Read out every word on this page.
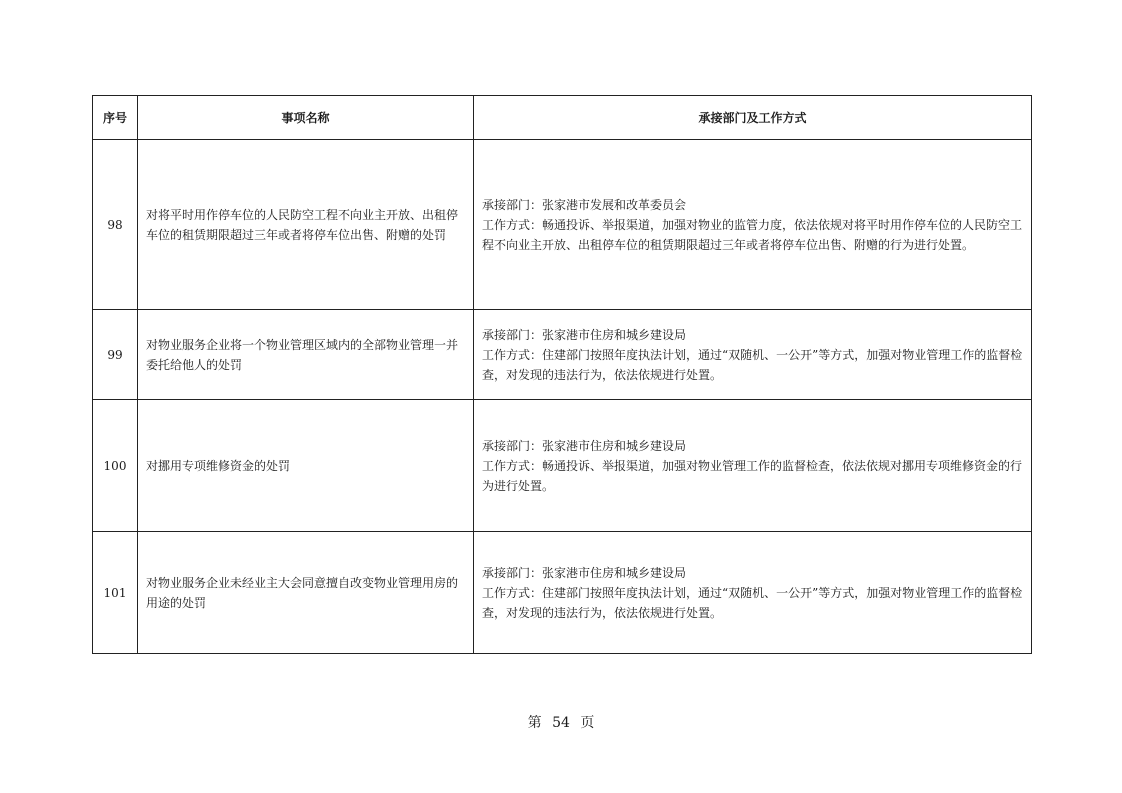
序号	事项名称	承接部门及工作方式
98	对将平时用作停车位的人民防空工程不向业主开放、出租停车位的租赁期限超过三年或者将停车位出售、附赠的处罚	承接部门：张家港市发展和改革委员会
工作方式：畅通投诉、举报渠道，加强对物业的监管力度，依法依规对将平时用作停车位的人民防空工程不向业主开放、出租停车位的租赁期限超过三年或者将停车位出售、附赠的行为进行处置。

99	对物业服务企业将一个物业管理区域内的全部物业管理一并委托给他人的处罚	承接部门：张家港市住房和城乡建设局
工作方式：住建部门按照年度执法计划，通过“双随机、一公开”等方式，加强对物业管理工作的监督检查，对发现的违法行为，依法依规进行处置。

100	对挪用专项维修资金的处罚	承接部门：张家港市住房和城乡建设局
工作方式：畅通投诉、举报渠道，加强对物业管理工作的监督检查，依法依规对挪用专项维修资金的行为进行处置。

101	对物业服务企业未经业主大会同意擅自改变物业管理用房的用途的处罚	承接部门：张家港市住房和城乡建设局
工作方式：住建部门按照年度执法计划，通过“双随机、一公开”等方式，加强对物业管理工作的监督检查，对发现的违法行为，依法依规进行处置。
第 54 页
